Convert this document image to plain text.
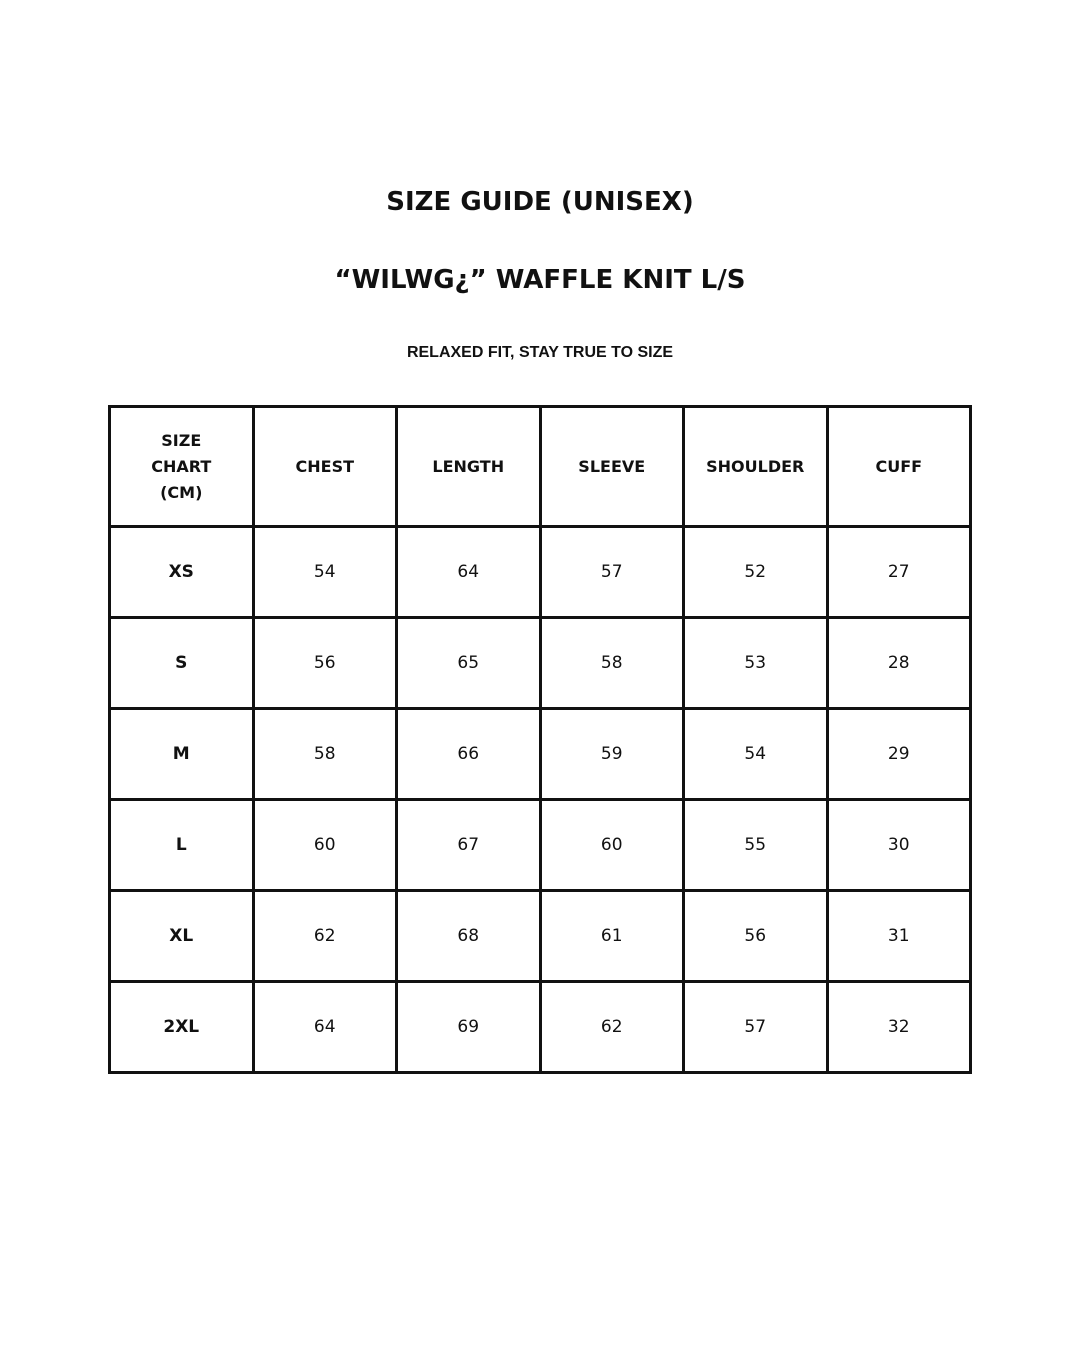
SIZE GUIDE (UNISEX)
“WILWG¿” WAFFLE KNIT L/S

RELAXED FIT, STAY TRUE TO SIZE

SIZE
CHART
(CM)	CHEST	LENGTH	SLEEVE	SHOULDER	CUFF
XS	54	64	57	52	27
S	56	65	58	53	28
M	58	66	59	54	29
L	60	67	60	55	30
XL	62	68	61	56	31
2XL	64	69	62	57	32
